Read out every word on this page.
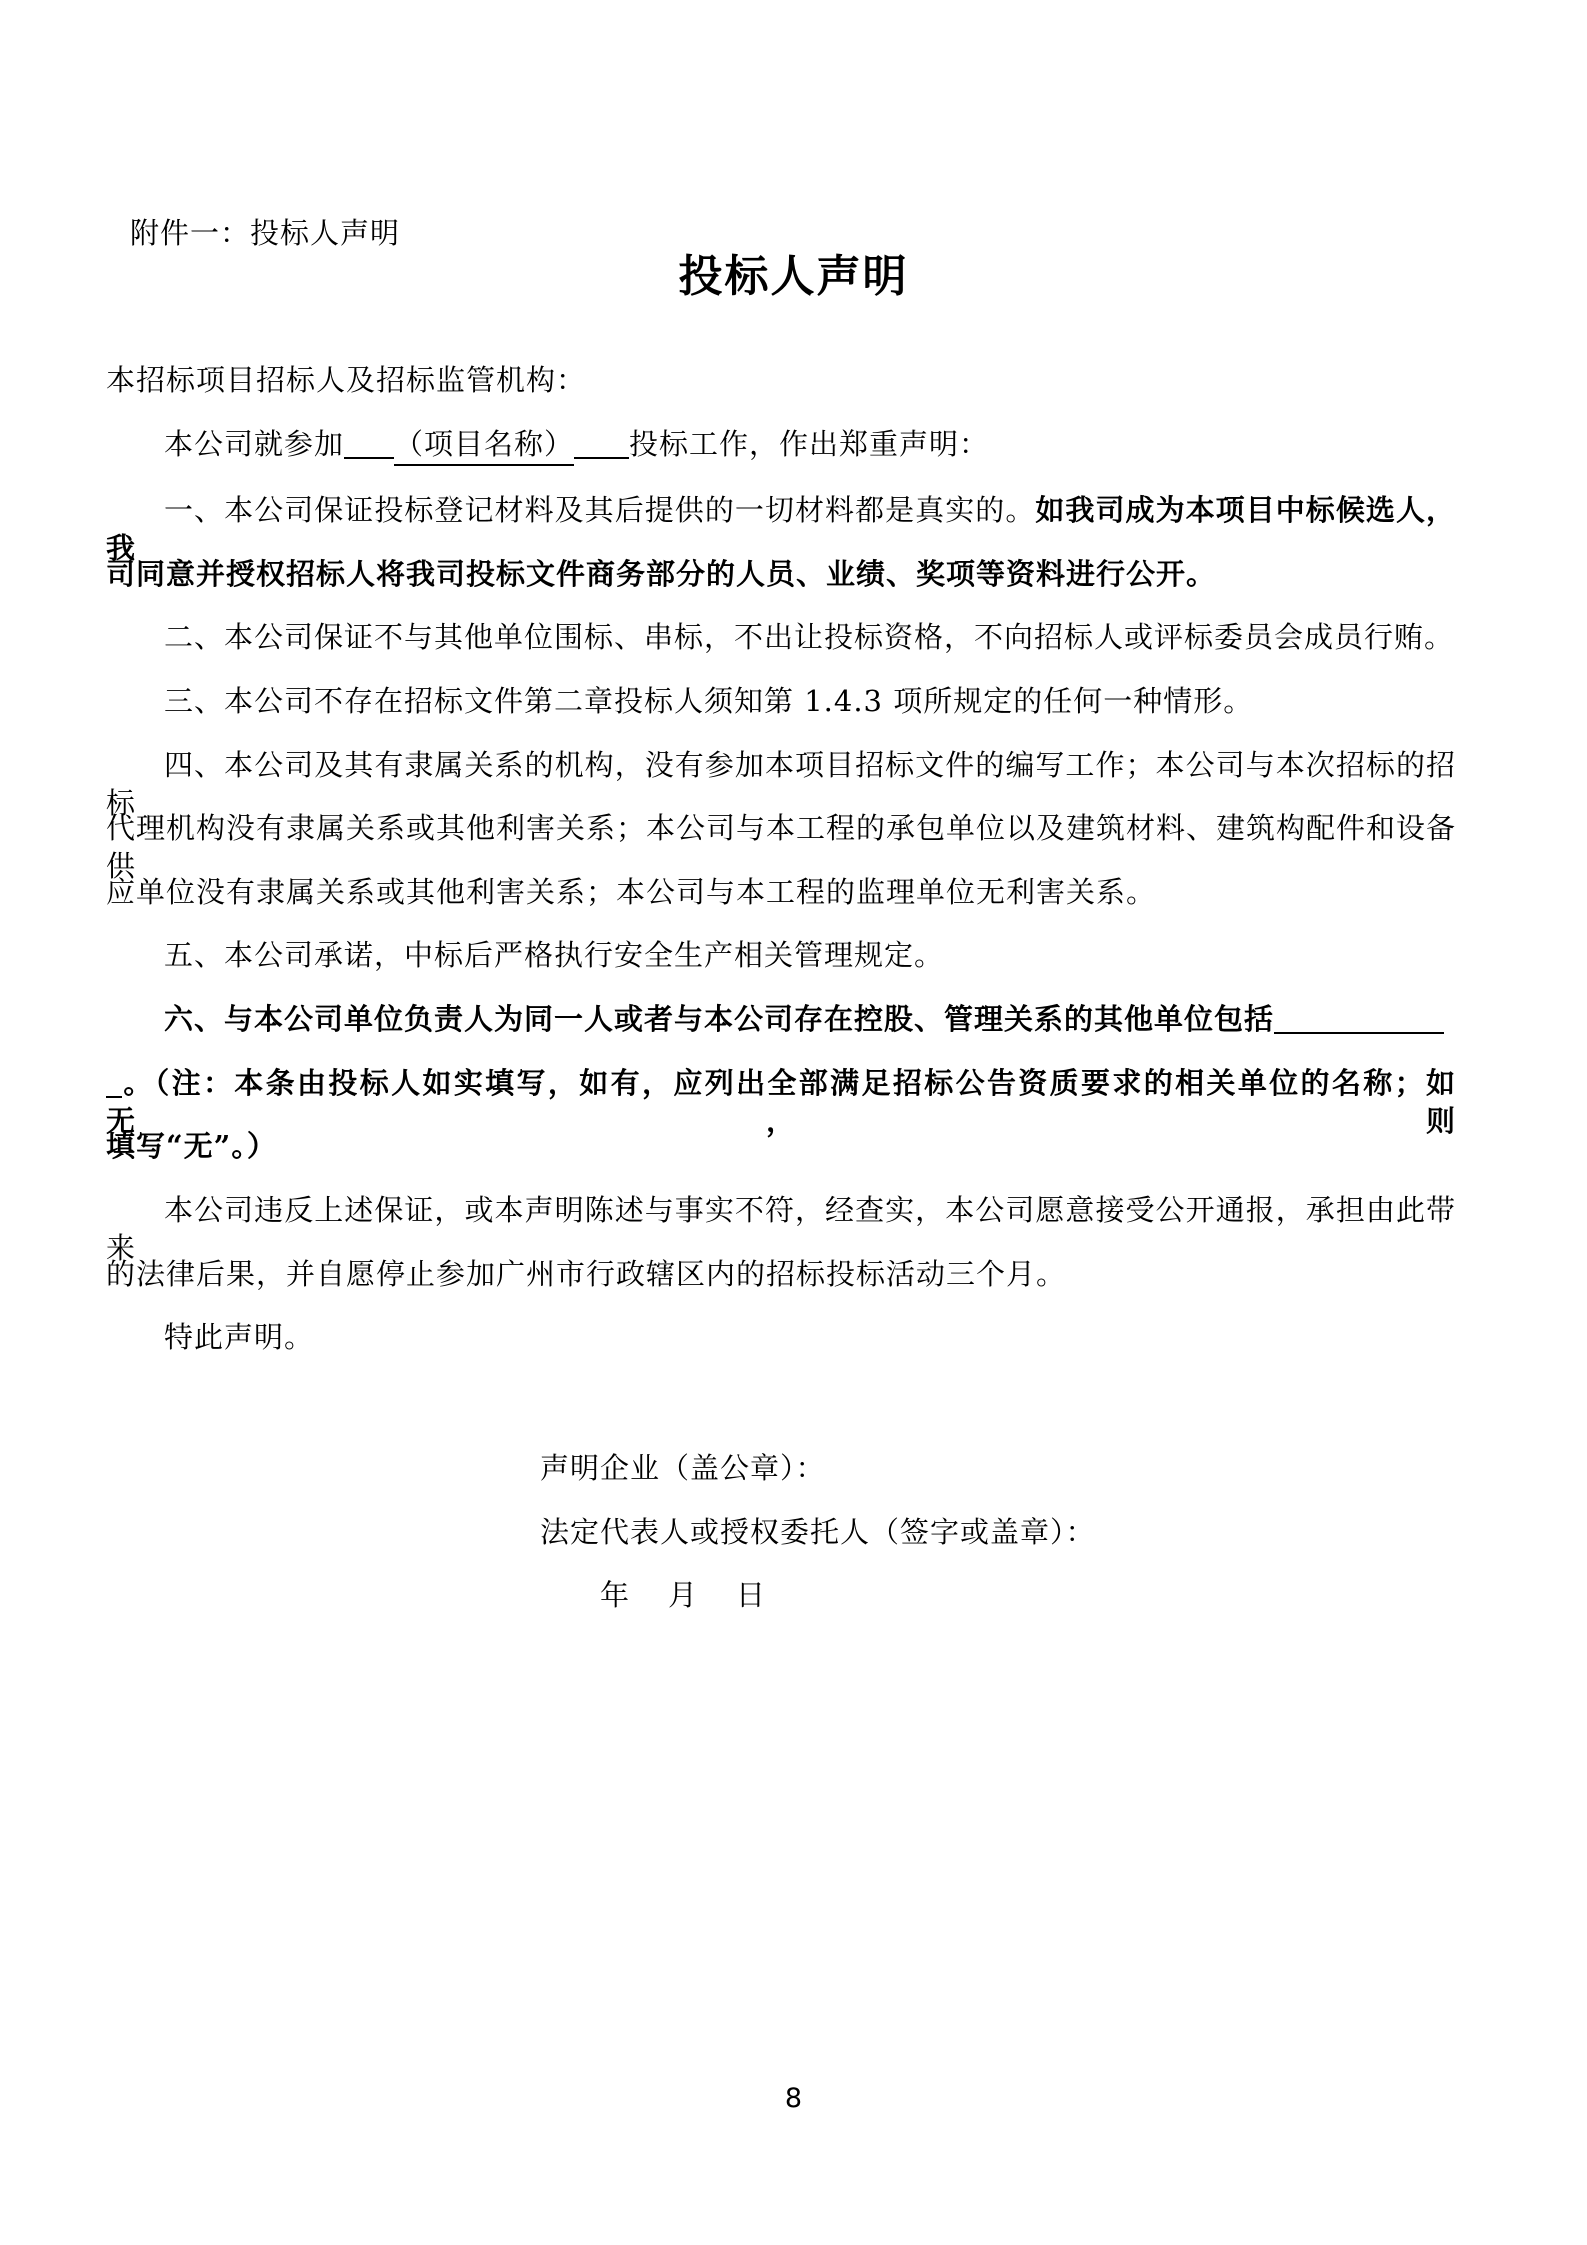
附件一：投标人声明
投标人声明
本招标项目招标人及招标监管机构：
本公司就参加 （项目名称） 投标工作，作出郑重声明：
一、本公司保证投标登记材料及其后提供的一切材料都是真实的。如我司成为本项目中标候选人，我
司同意并授权招标人将我司投标文件商务部分的人员、业绩、奖项等资料进行公开。
二、本公司保证不与其他单位围标、串标，不出让投标资格，不向招标人或评标委员会成员行贿。
三、本公司不存在招标文件第二章投标人须知第 1.4.3 项所规定的任何一种情形。
四、本公司及其有隶属关系的机构，没有参加本项目招标文件的编写工作；本公司与本次招标的招标
代理机构没有隶属关系或其他利害关系；本公司与本工程的承包单位以及建筑材料、建筑构配件和设备供
应单位没有隶属关系或其他利害关系；本公司与本工程的监理单位无利害关系。
五、本公司承诺，中标后严格执行安全生产相关管理规定。
六、与本公司单位负责人为同一人或者与本公司存在控股、管理关系的其他单位包括
。（注：本条由投标人如实填写，如有，应列出全部满足招标公告资质要求的相关单位的名称；如无，则
填写“无”。）
本公司违反上述保证，或本声明陈述与事实不符，经查实，本公司愿意接受公开通报，承担由此带来
的法律后果，并自愿停止参加广州市行政辖区内的招标投标活动三个月。
特此声明。
声明企业（盖公章）：
法定代表人或授权委托人（签字或盖章）：
年 月 日
8
